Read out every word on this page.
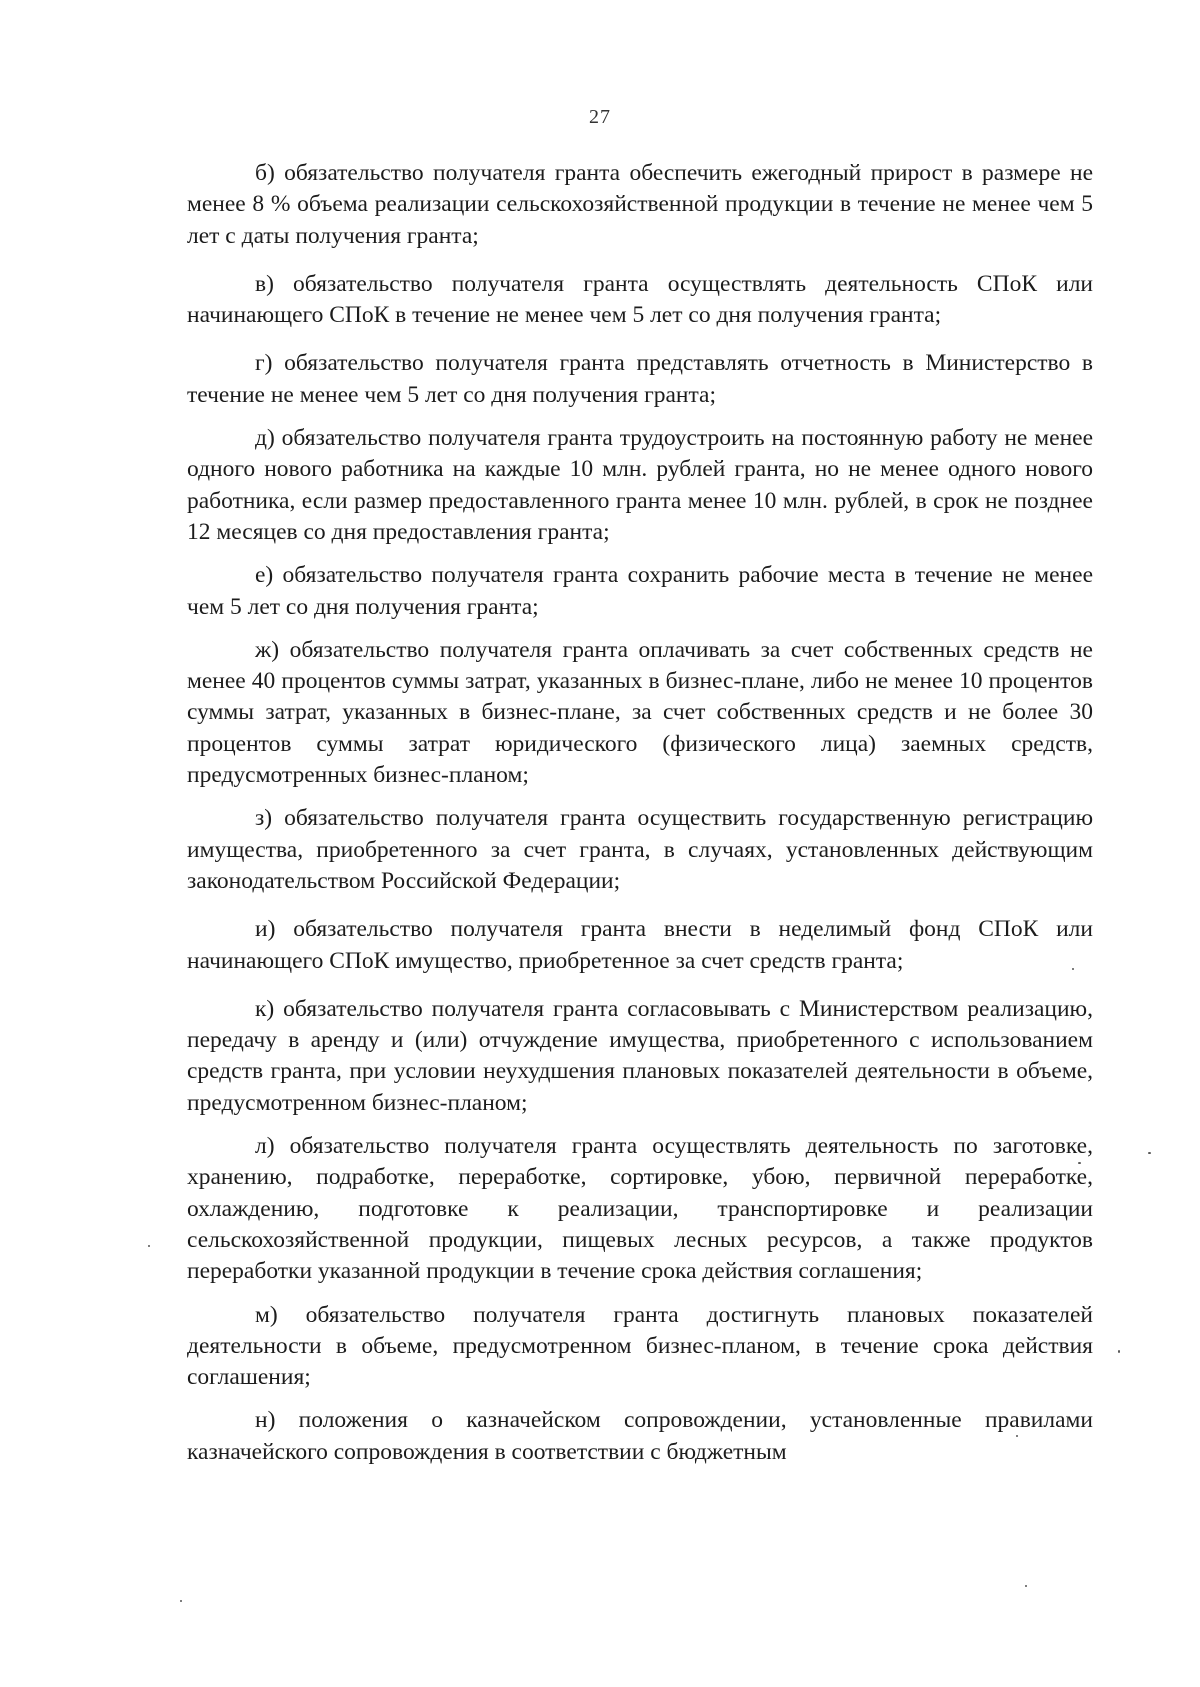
27

б) обязательство получателя гранта обеспечить ежегодный прирост в размере не менее 8 % объема реализации сельскохозяйственной продукции в течение не менее чем 5 лет с даты получения гранта;

в) обязательство получателя гранта осуществлять деятельность СПоК или начинающего СПоК в течение не менее чем 5 лет со дня получения гранта;

г) обязательство получателя гранта представлять отчетность в Министерство в течение не менее чем 5 лет со дня получения гранта;

д) обязательство получателя гранта трудоустроить на постоянную работу не менее одного нового работника на каждые 10 млн. рублей гранта, но не менее одного нового работника, если размер предоставленного гранта менее 10 млн. рублей, в срок не позднее 12 месяцев со дня предоставления гранта;

е) обязательство получателя гранта сохранить рабочие места в течение не менее чем 5 лет со дня получения гранта;

ж) обязательство получателя гранта оплачивать за счет собственных средств не менее 40 процентов суммы затрат, указанных в бизнес-плане, либо не менее 10 процентов суммы затрат, указанных в бизнес-плане, за счет собственных средств и не более 30 процентов суммы затрат юридического (физического лица) заемных средств, предусмотренных бизнес-планом;

з) обязательство получателя гранта осуществить государственную регистрацию имущества, приобретенного за счет гранта, в случаях, установленных действующим законодательством Российской Федерации;

и) обязательство получателя гранта внести в неделимый фонд СПоК или начинающего СПоК имущество, приобретенное за счет средств гранта;

к) обязательство получателя гранта согласовывать с Министерством реализацию, передачу в аренду и (или) отчуждение имущества, приобретенного с использованием средств гранта, при условии неухудшения плановых показателей деятельности в объеме, предусмотренном бизнес-планом;

л) обязательство получателя гранта осуществлять деятельность по заготовке, хранению, подработке, переработке, сортировке, убою, первичной переработке, охлаждению, подготовке к реализации, транспортировке и реализации сельскохозяйственной продукции, пищевых лесных ресурсов, а также продуктов переработки указанной продукции в течение срока действия соглашения;

м) обязательство получателя гранта достигнуть плановых показателей деятельности в объеме, предусмотренном бизнес-планом, в течение срока действия соглашения;

н) положения о казначейском сопровождении, установленные правилами казначейского сопровождения в соответствии с бюджетным
